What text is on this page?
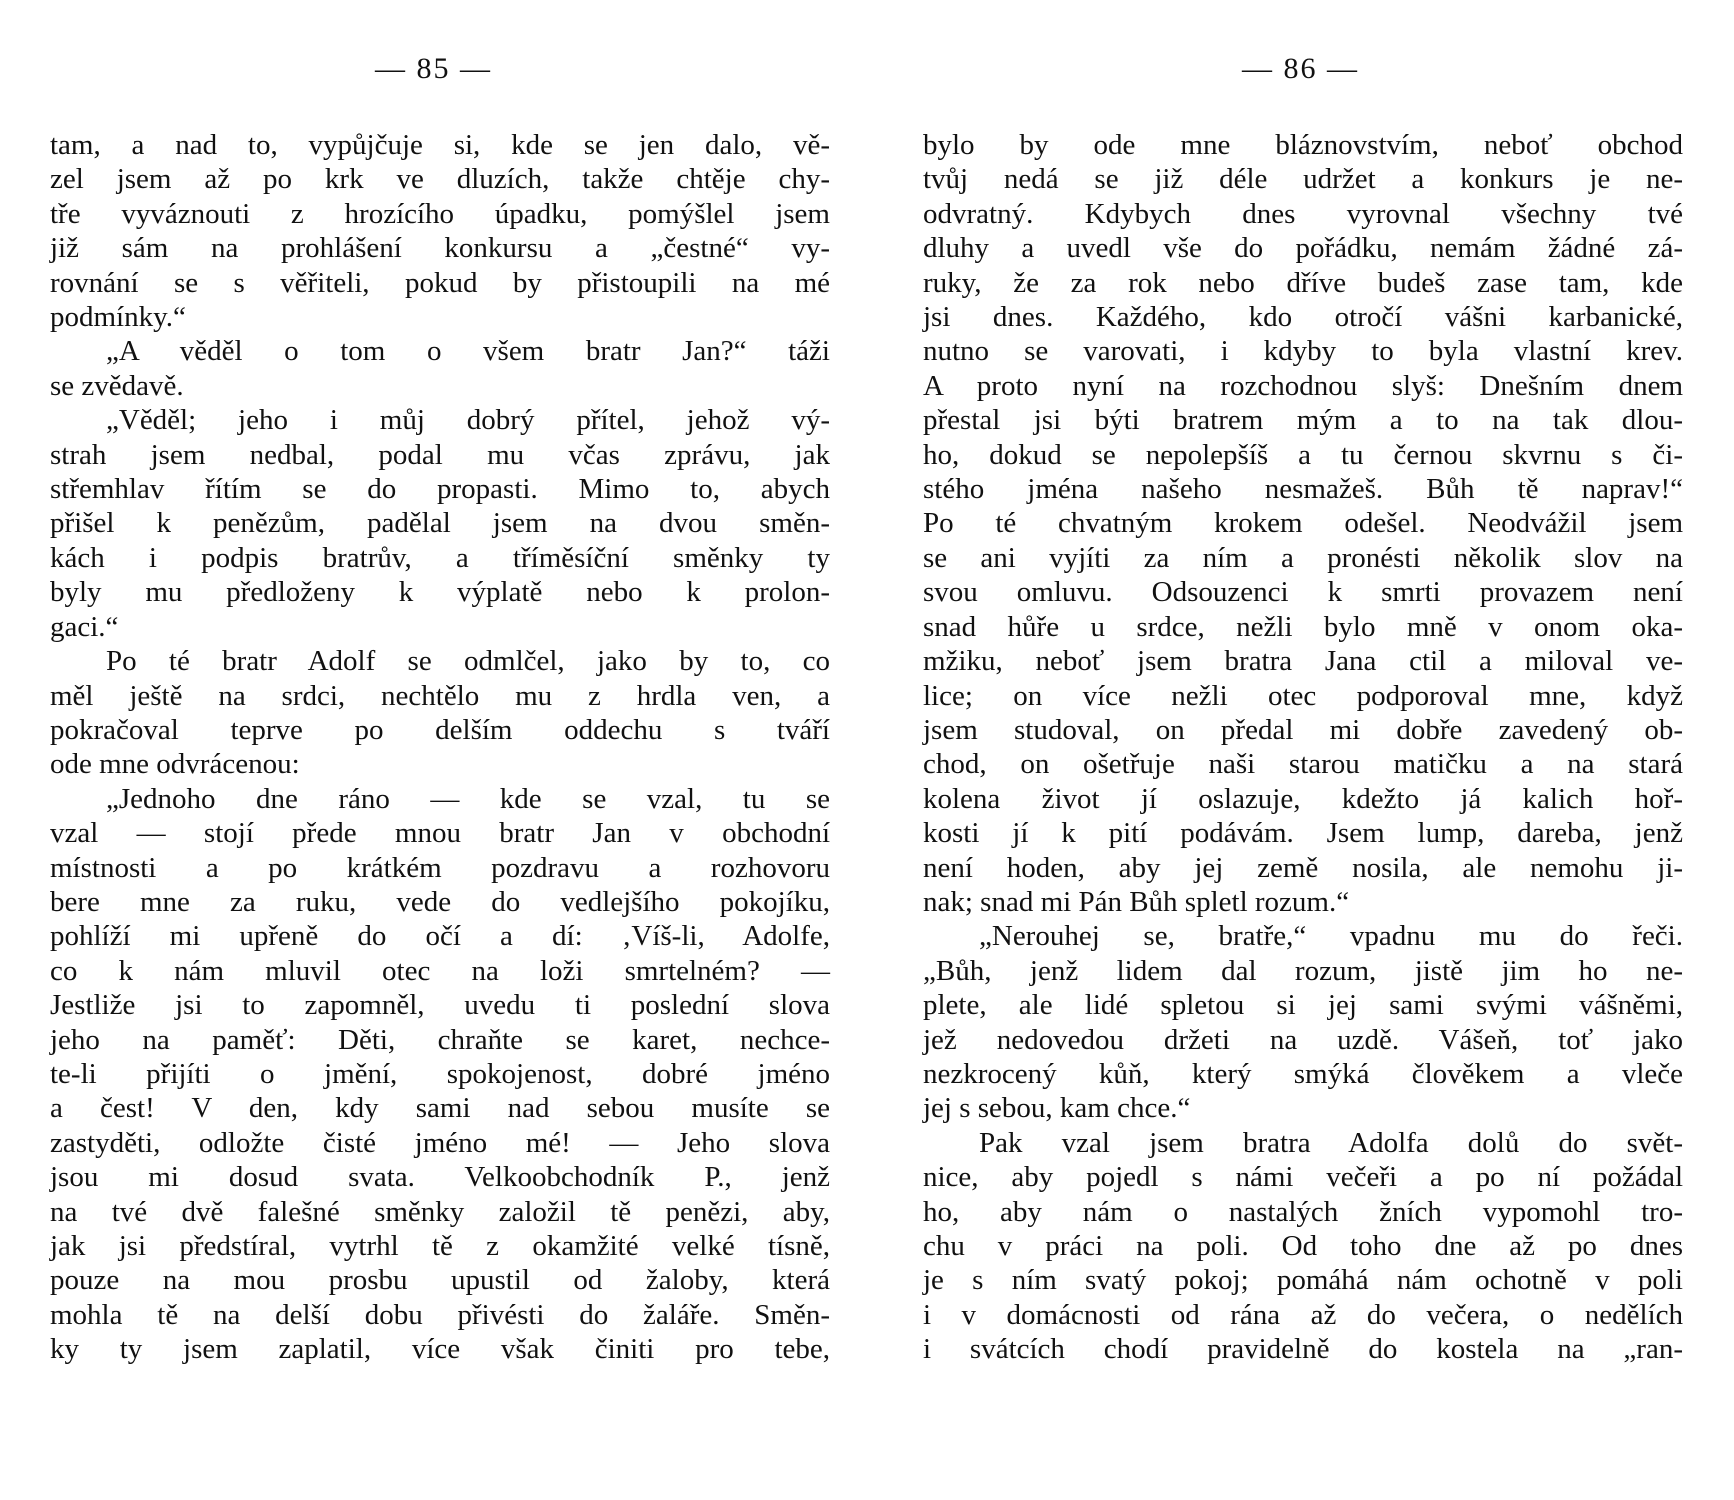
— 85 —
tam, a nad to, vypůjčuje si, kde se jen dalo, vě-
zel jsem až po krk ve dluzích, takže chtěje chy-
tře vyváznouti z hrozícího úpadku, pomýšlel jsem
již sám na prohlášení konkursu a „čestné“ vy-
rovnání se s věřiteli, pokud by přistoupili na mé
podmínky.“
„A věděl o tom o všem bratr Jan?“ táži
se zvědavě.
„Věděl; jeho i můj dobrý přítel, jehož vý-
strah jsem nedbal, podal mu včas zprávu, jak
střemhlav řítím se do propasti. Mimo to, abych
přišel k penězům, padělal jsem na dvou směn-
kách i podpis bratrův, a tříměsíční směnky ty
byly mu předloženy k výplatě nebo k prolon-
gaci.“
Po té bratr Adolf se odmlčel, jako by to, co
měl ještě na srdci, nechtělo mu z hrdla ven, a
pokračoval teprve po delším oddechu s tváří
ode mne odvrácenou:
„Jednoho dne ráno — kde se vzal, tu se
vzal — stojí přede mnou bratr Jan v obchodní
místnosti a po krátkém pozdravu a rozhovoru
bere mne za ruku, vede do vedlejšího pokojíku,
pohlíží mi upřeně do očí a dí: ‚Víš-li, Adolfe,
co k nám mluvil otec na loži smrtelném? —
Jestliže jsi to zapomněl, uvedu ti poslední slova
jeho na paměť: Děti, chraňte se karet, nechce-
te-li přijíti o jmění, spokojenost, dobré jméno
a čest! V den, kdy sami nad sebou musíte se
zastyděti, odložte čisté jméno mé! — Jeho slova
jsou mi dosud svata. Velkoobchodník P., jenž
na tvé dvě falešné směnky založil tě penězi, aby,
jak jsi předstíral, vytrhl tě z okamžité velké tísně,
pouze na mou prosbu upustil od žaloby, která
mohla tě na delší dobu přivésti do žaláře. Směn-
ky ty jsem zaplatil, více však činiti pro tebe,
— 86 —
bylo by ode mne bláznovstvím, neboť obchod
tvůj nedá se již déle udržet a konkurs je ne-
odvratný. Kdybych dnes vyrovnal všechny tvé
dluhy a uvedl vše do pořádku, nemám žádné zá-
ruky, že za rok nebo dříve budeš zase tam, kde
jsi dnes. Každého, kdo otročí vášni karbanické,
nutno se varovati, i kdyby to byla vlastní krev.
A proto nyní na rozchodnou slyš: Dnešním dnem
přestal jsi býti bratrem mým a to na tak dlou-
ho, dokud se nepolepšíš a tu černou skvrnu s či-
stého jména našeho nesmažeš. Bůh tě naprav!“
Po té chvatným krokem odešel. Neodvážil jsem
se ani vyjíti za ním a pronésti několik slov na
svou omluvu. Odsouzenci k smrti provazem není
snad hůře u srdce, nežli bylo mně v onom oka-
mžiku, neboť jsem bratra Jana ctil a miloval ve-
lice; on více nežli otec podporoval mne, když
jsem studoval, on předal mi dobře zavedený ob-
chod, on ošetřuje naši starou matičku a na stará
kolena život jí oslazuje, kdežto já kalich hoř-
kosti jí k pití podávám. Jsem lump, dareba, jenž
není hoden, aby jej země nosila, ale nemohu ji-
nak; snad mi Pán Bůh spletl rozum.“
„Nerouhej se, bratře,“ vpadnu mu do řeči.
„Bůh, jenž lidem dal rozum, jistě jim ho ne-
plete, ale lidé spletou si jej sami svými vášněmi,
jež nedovedou držeti na uzdě. Vášeň, toť jako
nezkrocený kůň, který smýká člověkem a vleče
jej s sebou, kam chce.“
Pak vzal jsem bratra Adolfa dolů do svět-
nice, aby pojedl s námi večeři a po ní požádal
ho, aby nám o nastalých žních vypomohl tro-
chu v práci na poli. Od toho dne až po dnes
je s ním svatý pokoj; pomáhá nám ochotně v poli
i v domácnosti od rána až do večera, o nedělích
i svátcích chodí pravidelně do kostela na „ran-
